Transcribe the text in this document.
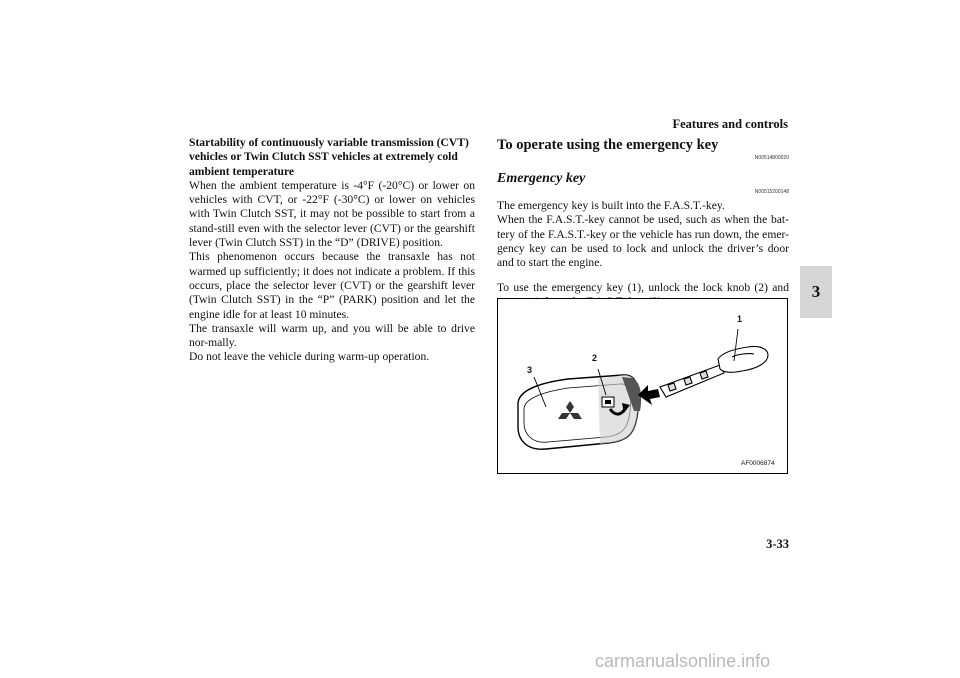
Features and controls
3

Startability of continuously variable transmission (CVT) vehicles or Twin Clutch SST vehicles at extremely cold ambient temperature

When the ambient temperature is -4°F (-20°C) or lower on vehicles with CVT, or -22°F (-30°C) or lower on vehicles with Twin Clutch SST, it may not be possible to start from a stand-still even with the selector lever (CVT) or the gearshift lever (Twin Clutch SST) in the “D” (DRIVE) position.

This phenomenon occurs because the transaxle has not warmed up sufficiently; it does not indicate a problem. If this occurs, place the selector lever (CVT) or the gearshift lever (Twin Clutch SST) in the “P” (PARK) position and let the engine idle for at least 10 minutes.

The transaxle will warm up, and you will be able to drive nor-mally.

Do not leave the vehicle during warm-up operation.

To operate using the emergency key
N00514800020
Emergency key
N00515200148

The emergency key is built into the F.A.S.T.-key.

When the F.A.S.T.-key cannot be used, such as when the bat-tery of the F.A.S.T.-key or the vehicle has run down, the emer-gency key can be used to lock and unlock the driver’s door and to start the engine.

To use the emergency key (1), unlock the lock knob (2) and

1
2
3
AF0006874
3-33
carmanualsonline.info
